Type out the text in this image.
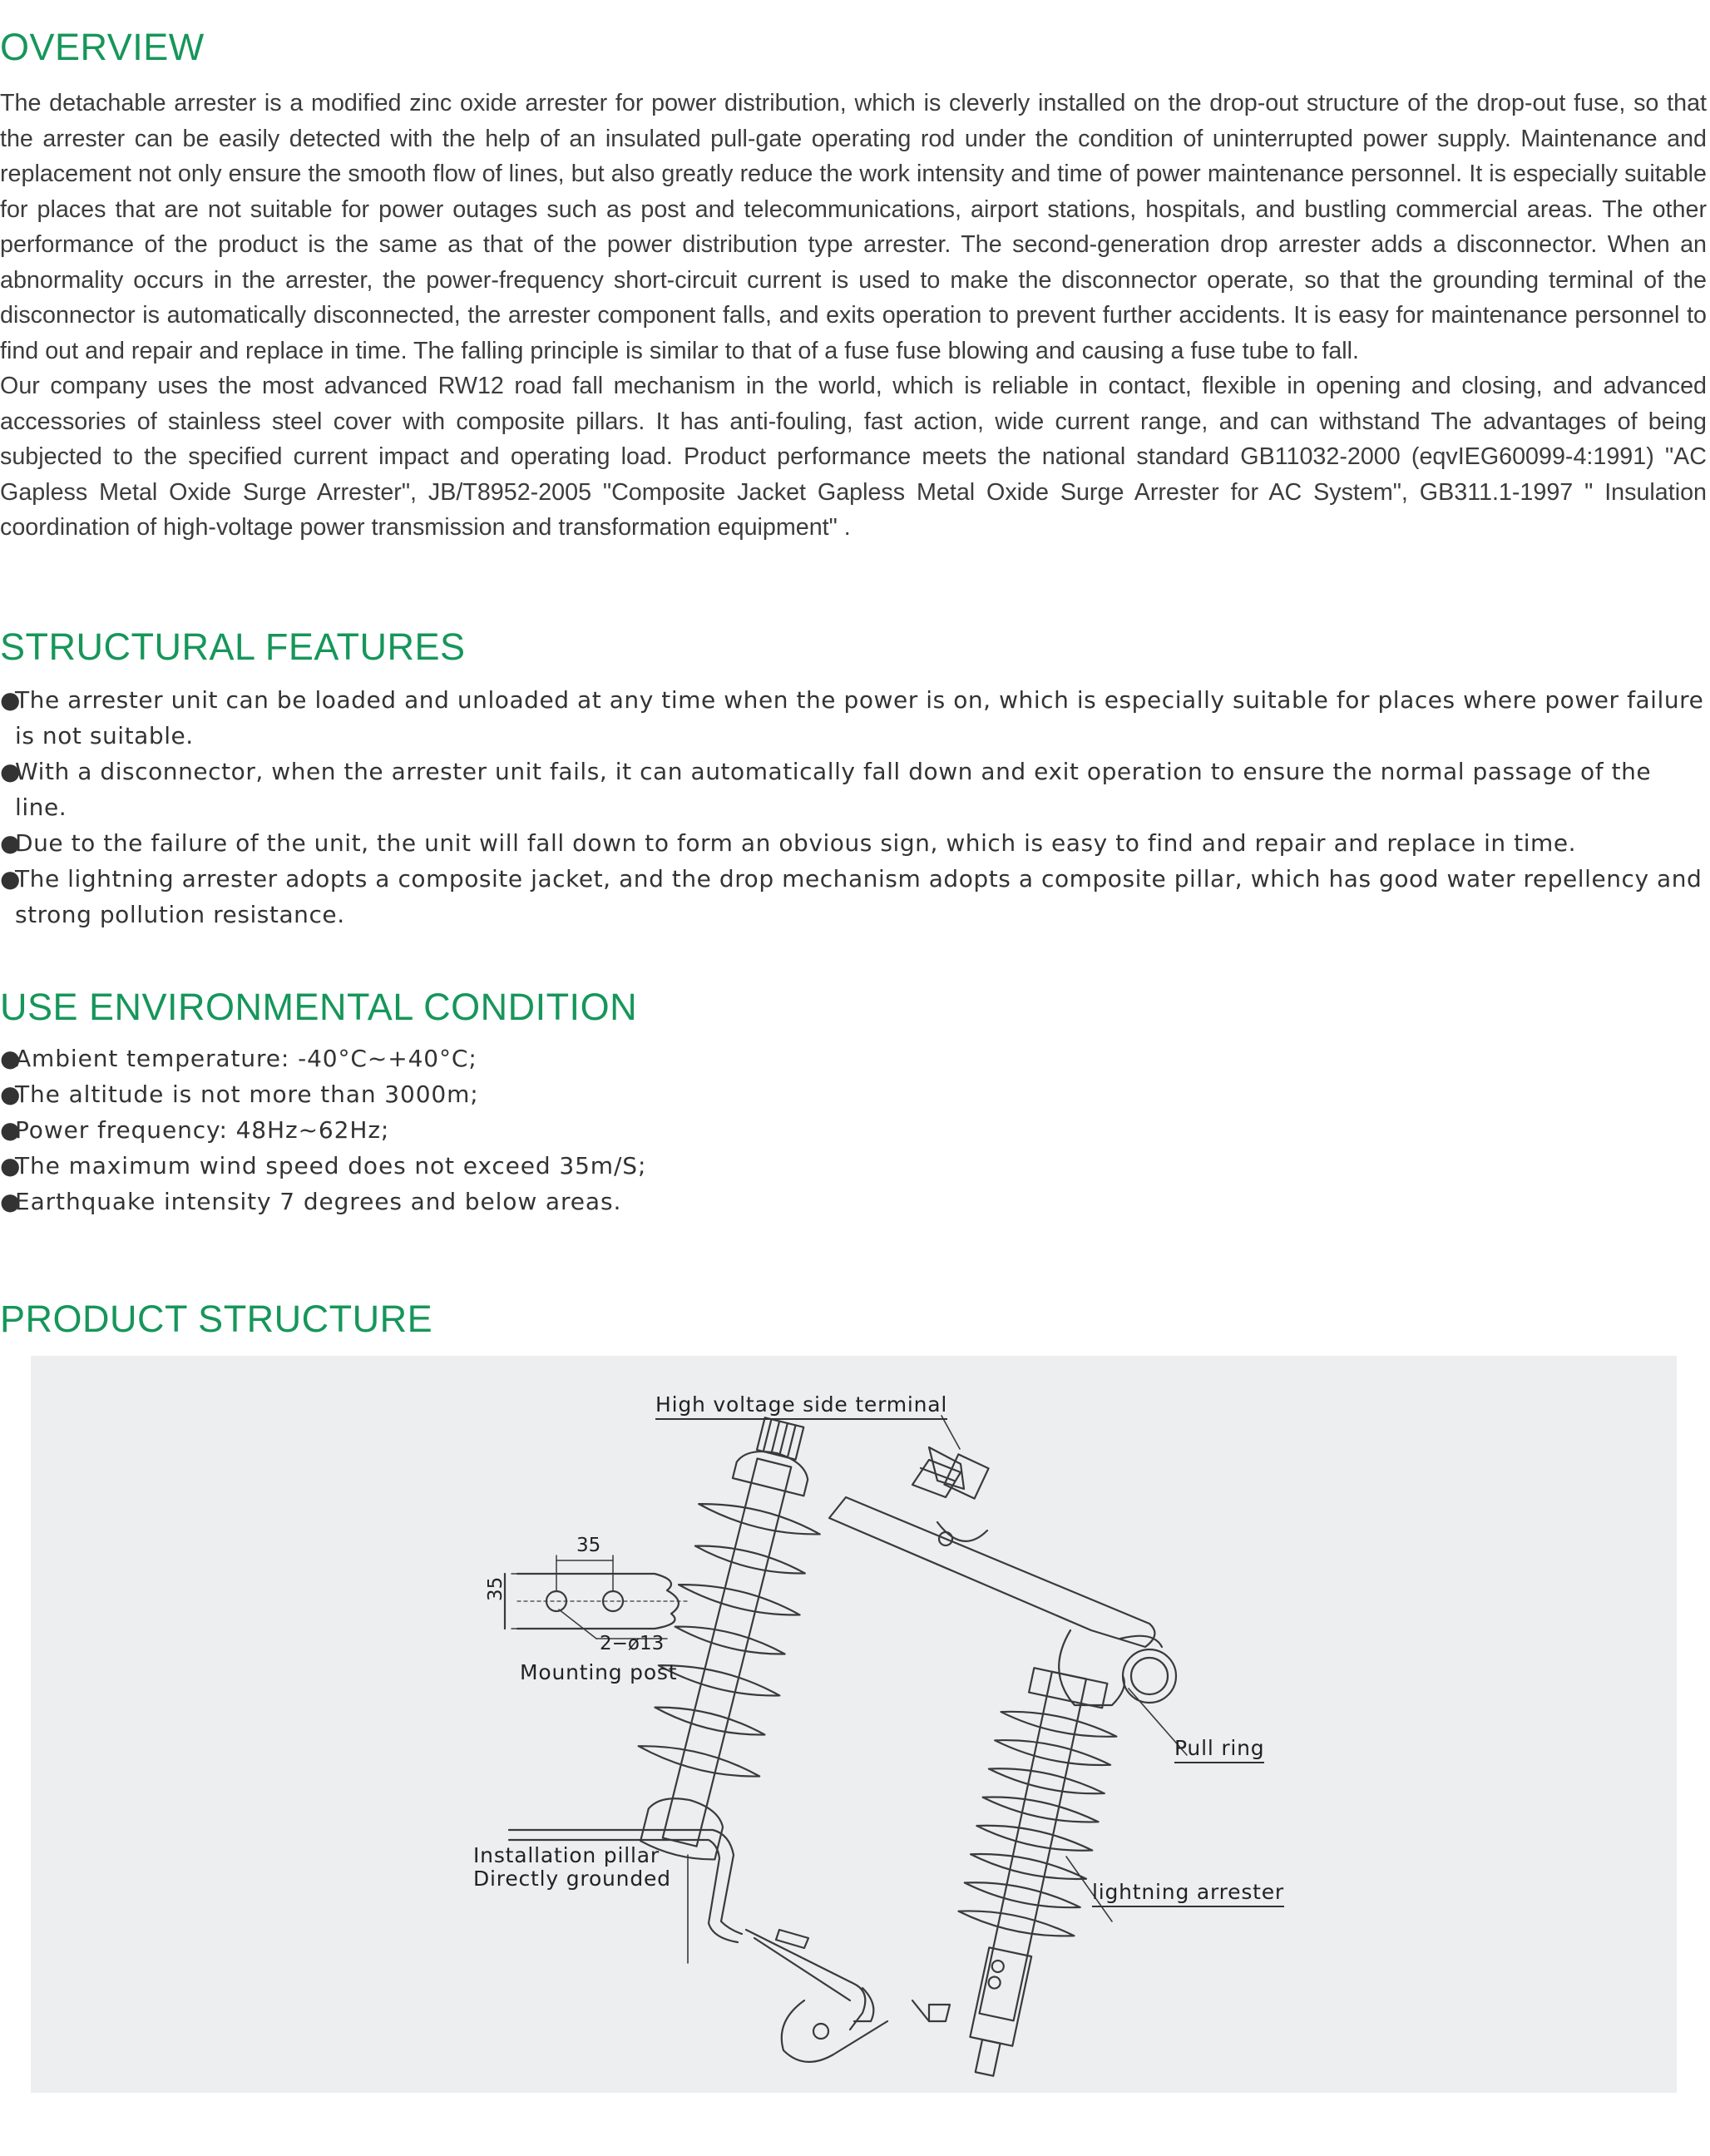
OVERVIEW

The detachable arrester is a modified zinc oxide arrester for power distribution, which is cleverly installed on the drop-out structure of the drop-out fuse, so that the arrester can be easily detected with the help of an insulated pull-gate operating rod under the condition of uninterrupted power supply. Maintenance and replacement not only ensure the smooth flow of lines, but also greatly reduce the work intensity and time of power maintenance personnel. It is especially suitable for places that are not suitable for power outages such as post and telecommunications, airport stations, hospitals, and bustling commercial areas. The other performance of the product is the same as that of the power distribution type arrester. The second-generation drop arrester adds a disconnector. When an abnormality occurs in the arrester, the power-frequency short-circuit current is used to make the disconnector operate, so that the grounding terminal of the disconnector is automatically disconnected, the arrester component falls, and exits operation to prevent further accidents. It is easy for maintenance personnel to find out and repair and replace in time. The falling principle is similar to that of a fuse fuse blowing and causing a fuse tube to fall.

Our company uses the most advanced RW12 road fall mechanism in the world, which is reliable in contact, flexible in opening and closing, and advanced accessories of stainless steel cover with composite pillars. It has anti-fouling, fast action, wide current range, and can withstand The advantages of being subjected to the specified current impact and operating load. Product performance meets the national standard GB11032-2000 (eqvIEG60099-4:1991) "AC Gapless Metal Oxide Surge Arrester", JB/T8952-2005 "Composite Jacket Gapless Metal Oxide Surge Arrester for AC System", GB311.1-1997 " Insulation coordination of high-voltage power transmission and transformation equipment" .

STRUCTURAL FEATURES
●
The arrester unit can be loaded and unloaded at any time when the power is on, which is especially suitable for places where power failure is not suitable.
●
With a disconnector, when the arrester unit fails, it can automatically fall down and exit operation to ensure the normal passage of the line.
●
Due to the failure of the unit, the unit will fall down to form an obvious sign, which is easy to find and repair and replace in time.
●
The lightning arrester adopts a composite jacket, and the drop mechanism adopts a composite pillar, which has good water repellency and strong pollution resistance.
USE ENVIRONMENTAL CONDITION
●
Ambient temperature: -40°C~+40°C;
●
The altitude is not more than 3000m;
●
Power frequency: 48Hz~62Hz;
●
The maximum wind speed does not exceed 35m/S;
●
Earthquake intensity 7 degrees and below areas.
PRODUCT STRUCTURE
35
35
2−ø13
Mounting post
High voltage side terminal
Pull ring
lightning arrester
Installation pillar
Directly grounded
